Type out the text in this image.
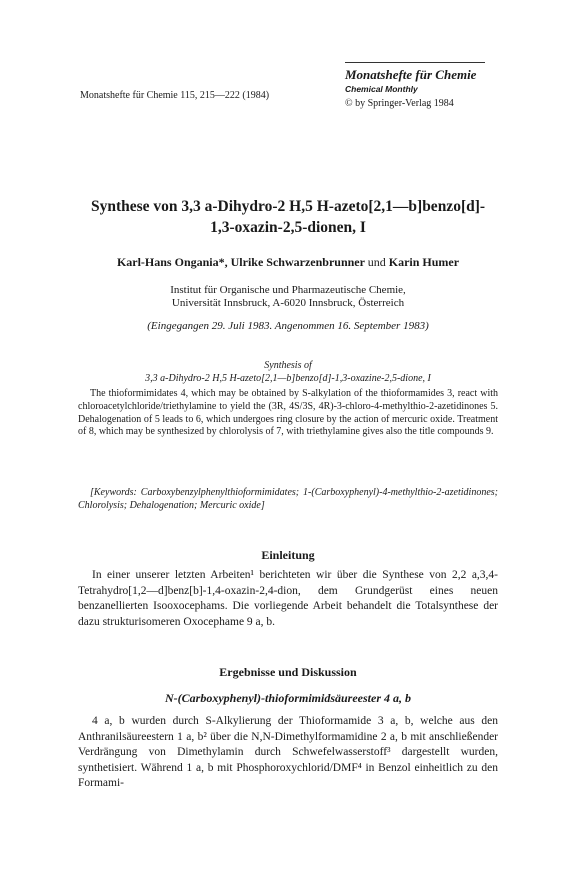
Monatshefte für Chemie 115, 215—222 (1984)
Monatshefte für Chemie
Chemical Monthly
© by Springer-Verlag 1984
Synthese von 3,3 a-Dihydro-2 H,5 H-azeto[2,1—b]benzo[d]-
1,3-oxazin-2,5-dionen, I
Karl-Hans Ongania*, Ulrike Schwarzenbrunner und Karin Humer
Institut für Organische und Pharmazeutische Chemie,
Universität Innsbruck, A-6020 Innsbruck, Österreich
(Eingegangen 29. Juli 1983. Angenommen 16. September 1983)
Synthesis of
3,3 a-Dihydro-2 H,5 H-azeto[2,1—b]benzo[d]-1,3-oxazine-2,5-dione, I

The thioformimidates 4, which may be obtained by S-alkylation of the thioformamides 3, react with chloroacetylchloride/triethylamine to yield the (3R, 4S/3S, 4R)-3-chloro-4-methylthio-2-azetidinones 5. Dehalogenation of 5 leads to 6, which undergoes ring closure by the action of mercuric oxide. Treatment of 8, which may be synthesized by chlorolysis of 7, with triethylamine gives also the title compounds 9.

[Keywords: Carboxybenzylphenylthioformimidates; 1-(Carboxyphenyl)-4-methylthio-2-azetidinones; Chlorolysis; Dehalogenation; Mercuric oxide]

Einleitung

In einer unserer letzten Arbeiten¹ berichteten wir über die Synthese von 2,2 a,3,4-Tetrahydro[1,2—d]benz[b]-1,4-oxazin-2,4-dion, dem Grundgerüst eines neuen benzanellierten Isooxocephams. Die vorliegende Arbeit behandelt die Totalsynthese der dazu strukturisomeren Oxocephame 9 a, b.

Ergebnisse und Diskussion
N-(Carboxyphenyl)-thioformimidsäureester 4 a, b

4 a, b wurden durch S-Alkylierung der Thioformamide 3 a, b, welche aus den Anthranilsäureestern 1 a, b² über die N,N-Dimethylformamidine 2 a, b mit anschließender Verdrängung von Dimethylamin durch Schwefelwasserstoff³ dargestellt wurden, synthetisiert. Während 1 a, b mit Phosphoroxychlorid/DMF⁴ in Benzol einheitlich zu den Formami-
